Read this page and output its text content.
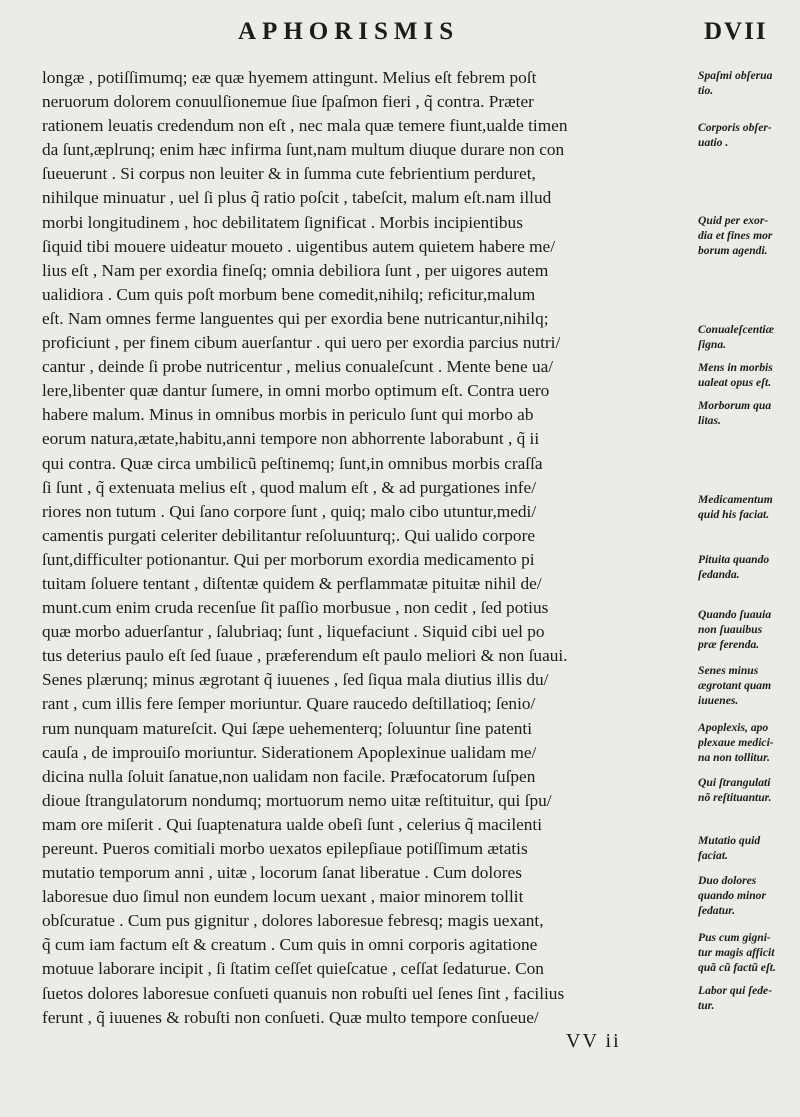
APHORISMIS	DVII
longæ , potiſſimumq; eæ quæ hyemem attingunt. Melius eſt febrem poſt
neruorum dolorem conuulſionemue ſiue ſpaſmon fieri , q̃ contra. Præter
rationem leuatis credendum non eſt , nec mala quæ temere fiunt,ualde timen
da ſunt,æplrunq; enim hæc infirma ſunt,nam multum diuque durare non con
ſueuerunt . Si corpus non leuiter & in ſumma cute febrientium perduret,
nihilque minuatur , uel ſi plus q̃ ratio poſcit , tabeſcit, malum eſt.nam illud
morbi longitudinem , hoc debilitatem ſignificat . Morbis incipientibus
ſiquid tibi mouere uideatur moueto . uigentibus autem quietem habere me/
lius eſt , Nam per exordia fineſq; omnia debiliora ſunt , per uigores autem
ualidiora . Cum quis poſt morbum bene comedit,nihilq; reficitur,malum
eſt. Nam omnes ferme languentes qui per exordia bene nutricantur,nihilq;
proficiunt , per finem cibum auerſantur . qui uero per exordia parcius nutri/
cantur , deinde ſi probe nutricentur , melius conualeſcunt . Mente bene ua/
lere,libenter quæ dantur ſumere, in omni morbo optimum eſt. Contra uero
habere malum. Minus in omnibus morbis in periculo ſunt qui morbo ab
eorum natura,ætate,habitu,anni tempore non abhorrente laborabunt , q̃ ii
qui contra. Quæ circa umbilicũ peſtinemq; ſunt,in omnibus morbis craſſa
ſi ſunt , q̃ extenuata melius eſt , quod malum eſt , & ad purgationes infe/
riores non tutum . Qui ſano corpore ſunt , quiq; malo cibo utuntur,medi/
camentis purgati celeriter debilitantur reſoluunturq;. Qui ualido corpore
ſunt,difficulter potionantur. Qui per morborum exordia medicamento pi
tuitam ſoluere tentant , diſtentæ quidem & perflammatæ pituitæ nihil de/
munt.cum enim cruda recenſue ſit paſſio morbusue , non cedit , ſed potius
quæ morbo aduerſantur , ſalubriaq; ſunt , liquefaciunt . Siquid cibi uel po
tus deterius paulo eſt ſed ſuaue , præferendum eſt paulo meliori & non ſuaui.
Senes plærunq; minus ægrotant q̃ iuuenes , ſed ſiqua mala diutius illis du/
rant , cum illis fere ſemper moriuntur. Quare raucedo deſtillatioq; ſenio/
rum nunquam matureſcit. Qui ſæpe uehementerq; ſoluuntur ſine patenti
cauſa , de improuiſo moriuntur. Siderationem Apoplexinue ualidam me/
dicina nulla ſoluit ſanatue,non ualidam non facile. Præfocatorum ſuſpen
dioue ſtrangulatorum nondumq; mortuorum nemo uitæ reſtituitur, qui ſpu/
mam ore miſerit . Qui ſuaptenatura ualde obeſi ſunt , celerius q̃ macilenti
pereunt. Pueros comitiali morbo uexatos epilepſiaue potiſſimum ætatis
mutatio temporum anni , uitæ , locorum ſanat liberatue . Cum dolores
laboresue duo ſimul non eundem locum uexant , maior minorem tollit
obſcuratue . Cum pus gignitur , dolores laboresue febresq; magis uexant,
q̃ cum iam factum eſt & creatum . Cum quis in omni corporis agitatione
motuue laborare incipit , ſi ſtatim ceſſet quieſcatue , ceſſat ſedaturue. Con
ſuetos dolores laboresue conſueti quanuis non robuſti uel ſenes ſint , facilius
ferunt , q̃ iuuenes & robuſti non conſueti. Quæ multo tempore conſueue/
Spaſmi obſerua
tio.
Corporis obſer-
uatio .
Quid per exor-
dia et fines mor
borum agendi.
Conualeſcentiæ
ſigna.
Mens in morbis
ualeat opus eſt.
Morborum qua
litas.
Medicamentum
quid his faciat.
Pituita quando
ſedanda.
Quando ſuauia
non ſuauibus
præ ferenda.
Senes minus
ægrotant quam
iuuenes.
Apoplexis, apo
plexaue medici-
na non tollitur.
Qui ſtrangulati
nõ reſtituantur.
Mutatio quid
faciat.
Duo dolores
quando minor
ſedatur.
Pus cum gigni-
tur magis afficit
quã cũ factũ eſt.
Labor qui ſede-
tur.
VV ii
